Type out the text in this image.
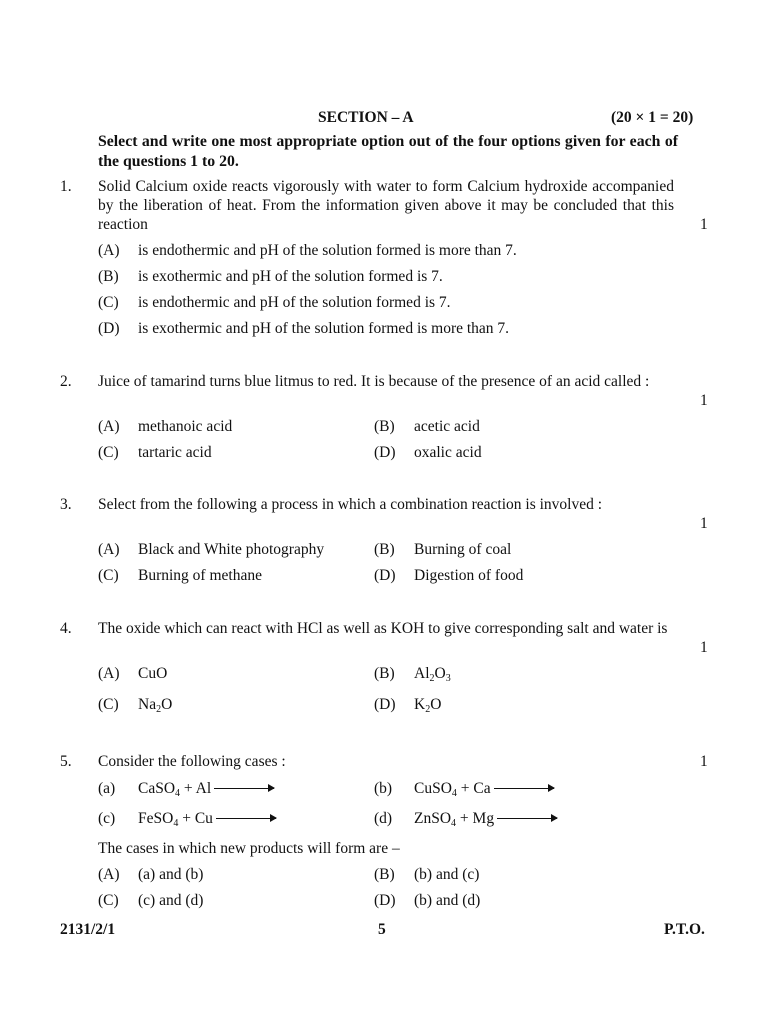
SECTION – A	(20 × 1 = 20)
Select and write one most appropriate option out of the four options given for each of the questions 1 to 20.
1. Solid Calcium oxide reacts vigorously with water to form Calcium hydroxide accompanied by the liberation of heat. From the information given above it may be concluded that this reaction	1
(A) is endothermic and pH of the solution formed is more than 7.
(B) is exothermic and pH of the solution formed is 7.
(C) is endothermic and pH of the solution formed is 7.
(D) is exothermic and pH of the solution formed is more than 7.
2. Juice of tamarind turns blue litmus to red. It is because of the presence of an acid called :
1
(A) methanoic acid	(B) acetic acid
(C) tartaric acid	(D) oxalic acid
3. Select from the following a process in which a combination reaction is involved :
1
(A) Black and White photography	(B) Burning of coal
(C) Burning of methane	(D) Digestion of food
4. The oxide which can react with HCl as well as KOH to give corresponding salt and water is
1
(A) CuO	(B) $Al_2O_3$
(C) $Na_2O$	(D) $K_2O$
5. Consider the following cases :	1
(a) CaSO$_4$ + Al	(b) CuSO$_4$ + Ca
(c) FeSO$_4$ + Cu	(d) ZnSO$_4$ + Mg
The cases in which new products will form are –
(A) (a) and (b)	(B) (b) and (c)
(C) (c) and (d)	(D) (b) and (d)
2131/2/1	5	P.T.O.
